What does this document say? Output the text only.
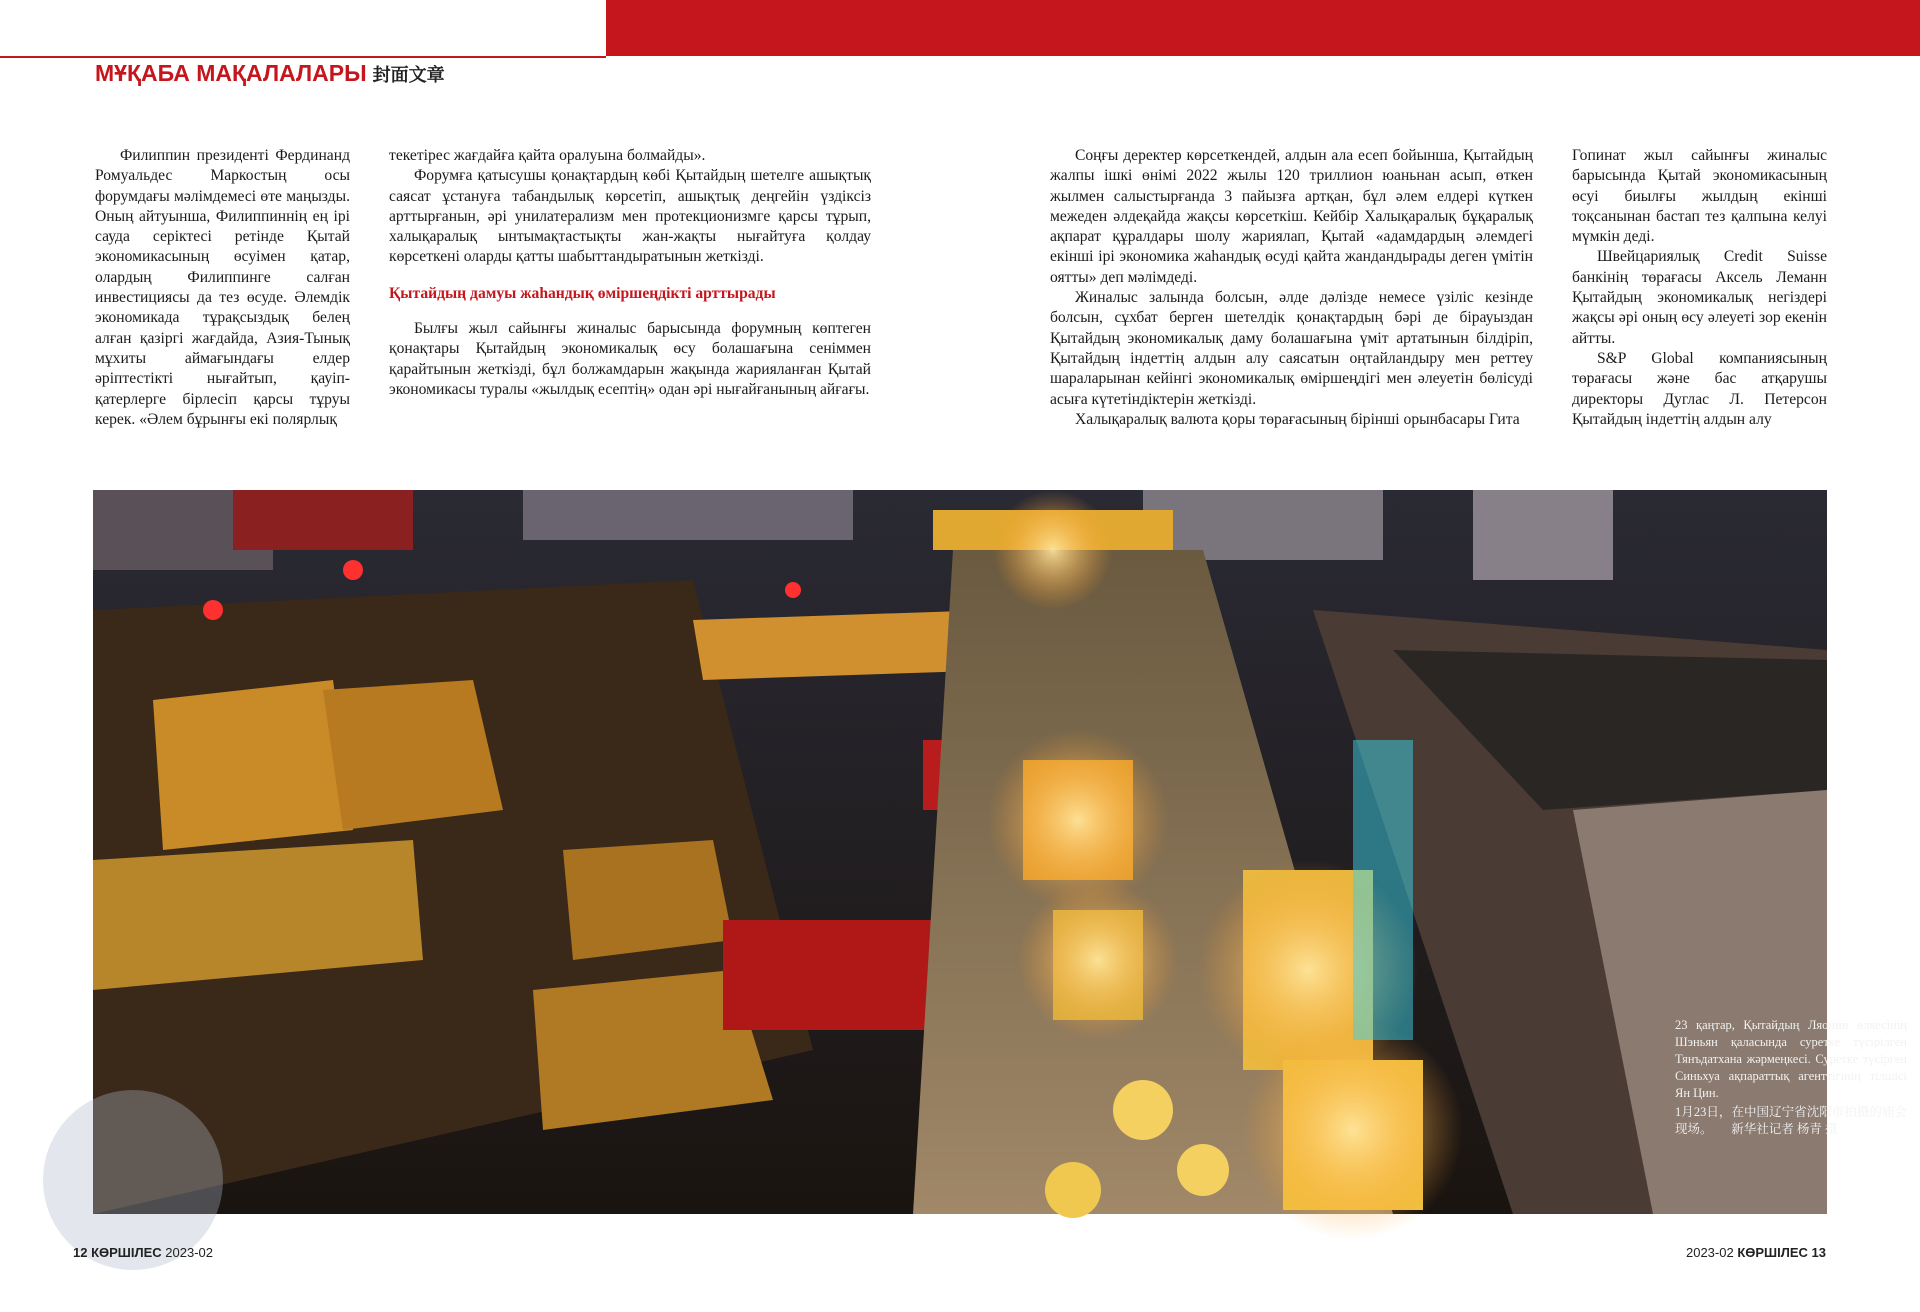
МҰҚАБА МАҚАЛАЛАРЫ 封面文章

Филиппин президенті Фердинанд Ромуальдес Маркостың осы форумдағы мәлімдемесі өте маңызды. Оның айтуынша, Филиппиннің ең ірі сауда серіктесі ретінде Қытай экономикасының өсуімен қатар, олардың Филиппинге салған инвестициясы да тез өсуде. Әлемдік экономикада тұрақсыздық белең алған қазіргі жағдайда, Азия-Тынық мұхиты аймағындағы елдер әріптестікті нығайтып, қауіп-қатерлерге бірлесіп қарсы тұруы керек. «Әлем бұрынғы екі полярлық

текетірес жағдайға қайта оралуына болмайды».

Форумға қатысушы қонақтардың көбі Қытайдың шетелге ашықтық саясат ұстануға табандылық көрсетіп, ашықтық деңгейін үздіксіз арттырғанын, әрі унилатерализм мен протекционизмге қарсы тұрып, халықаралық ынтымақтастықты жан-жақты нығайтуға қолдау көрсеткені оларды қатты шабыттандыратынын жеткізді.

Қытайдың дамуы жаһандық өміршеңдікті арттырады

Былғы жыл сайынғы жиналыс барысында форумның көптеген қонақтары Қытайдың экономикалық өсу болашағына сеніммен қарайтынын жеткізді, бұл болжамдарын жақында жарияланған Қытай экономикасы туралы «жылдық есептің» одан әрі нығайғанының айғағы.

Соңғы деректер көрсеткендей, алдын ала есеп бойынша, Қытайдың жалпы ішкі өнімі 2022 жылы 120 триллион юаньнан асып, өткен жылмен салыстырғанда 3 пайызға артқан, бұл әлем елдері күткен межеден әлдеқайда жақсы көрсеткіш. Кейбір Халықаралық бұқаралық ақпарат құралдары шолу жариялап, Қытай «адамдардың әлемдегі екінші ірі экономика жаһандық өсуді қайта жандандырады деген үмітін оятты» деп мәлімдеді.

Жиналыс залында болсын, әлде дәлізде немесе үзіліс кезінде болсын, сұхбат берген шетелдік қонақтардың бәрі де бірауыздан Қытайдың экономикалық даму болашағына үміт артатынын білдіріп, Қытайдың індеттің алдын алу саясатын оңтайландыру мен реттеу шараларынан кейінгі экономикалық өміршеңдігі мен әлеуетін бөлісуді асыға күтетіндіктерін жеткізді.

Халықаралық валюта қоры төрағасының бірінші орынбасары Гита

Гопинат жыл сайынғы жиналыс барысында Қытай экономикасының өсуі биылғы жылдың екінші тоқсанынан бастап тез қалпына келуі мүмкін деді.

Швейцариялық Credit Suisse банкінің төрағасы Аксель Леманн Қытайдың экономикалық негіздері жақсы әрі оның өсу әлеуеті зор екенін айтты.

S&P Global компаниясының төрағасы және бас атқарушы директоры Дуглас Л. Петерсон Қытайдың індеттің алдын алу

23 қаңтар, Қытайдың Ляонин өлкесінің Шэньян қаласында суретке түсірілген Тянъдатхана жәрмеңкесі. Суретке түсірген Синьхуа ақпараттық агенттігінің тілшісі Ян Цин.

1月23日，在中国辽宁省沈阳市拍摄的庙会现场。　　新华社记者 杨青 摄

12 КӨРШІЛЕС 2023-02	2023-02 КӨРШІЛЕС 13
